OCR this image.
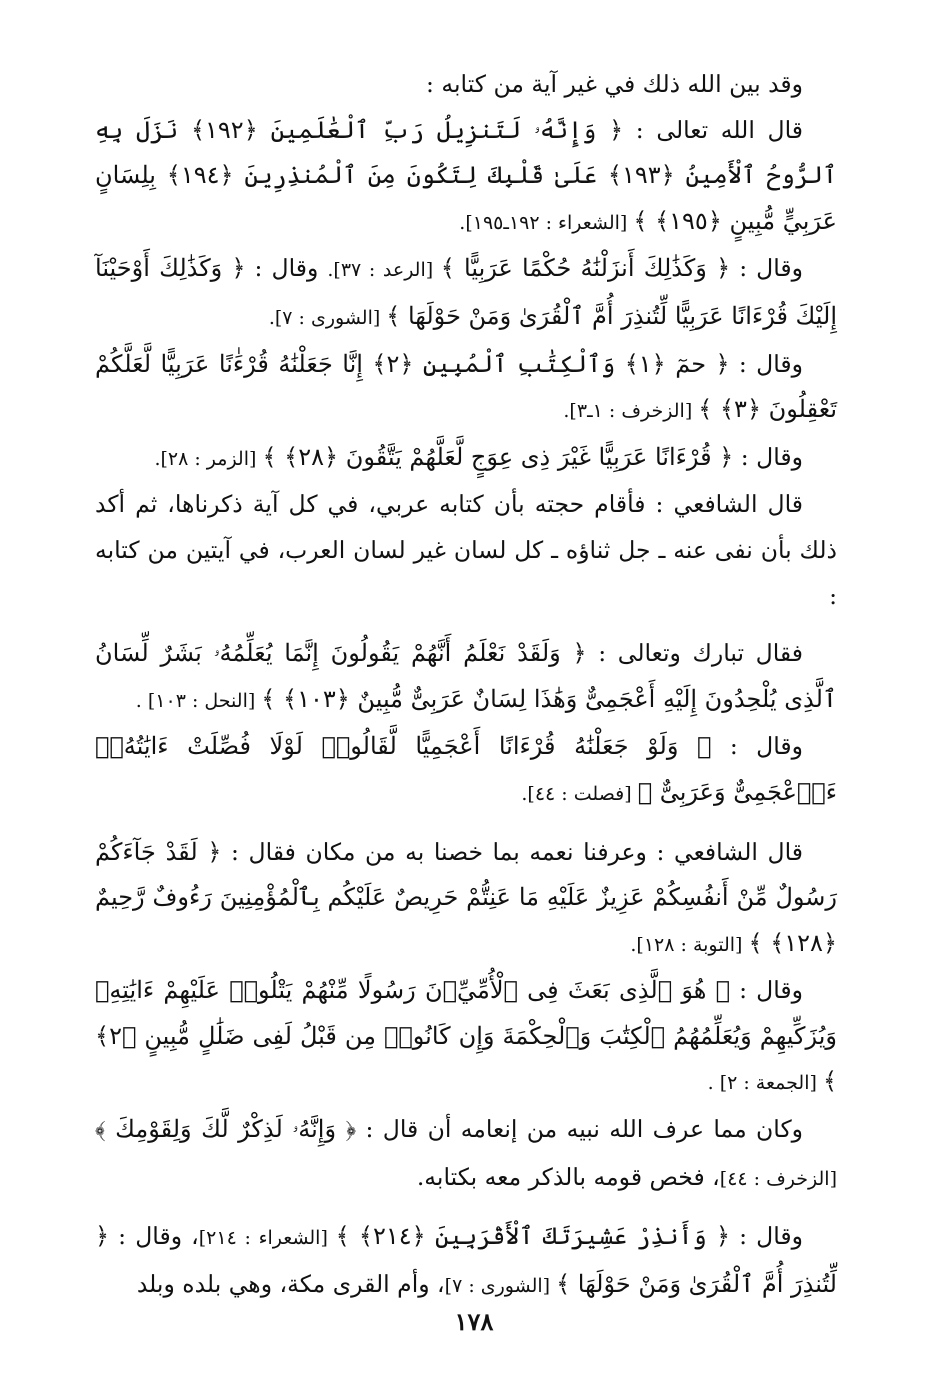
وقد بين الله ذلك في غير آية من كتابه :

قال الله تعالى : ﴿ وَإِنَّهُۥ لَتَنزِيلُ رَبِّ ٱلْعَٰلَمِينَ ﴿١٩٢﴾ نَزَلَ بِهِ ٱلرُّوحُ ٱلْأَمِينُ ﴿١٩٣﴾ عَلَىٰ قَلْبِكَ لِتَكُونَ مِنَ ٱلْمُنذِرِينَ ﴿١٩٤﴾ بِلِسَانٍ عَرَبِيٍّ مُّبِينٍ ﴿١٩٥﴾ ﴾ [الشعراء : ١٩٢ـ١٩٥].

وقال : ﴿ وَكَذَٰلِكَ أَنزَلْنَٰهُ حُكْمًا عَرَبِيًّا ﴾ [الرعد : ٣٧]. وقال : ﴿ وَكَذَٰلِكَ أَوْحَيْنَآ إِلَيْكَ قُرْءَانًا عَرَبِيًّا لِّتُنذِرَ أُمَّ ٱلْقُرَىٰ وَمَنْ حَوْلَهَا ﴾ [الشورى : ٧].

وقال : ﴿ حمٓ ﴿١﴾ وَٱلْكِتَٰبِ ٱلْمُبِينِ ﴿٢﴾ إِنَّا جَعَلْنَٰهُ قُرْءَٰنًا عَرَبِيًّا لَّعَلَّكُمْ تَعْقِلُونَ ﴿٣﴾ ﴾ [الزخرف : ١ـ٣].

وقال : ﴿ قُرْءَانًا عَرَبِيًّا غَيْرَ ذِى عِوَجٍ لَّعَلَّهُمْ يَتَّقُونَ ﴿٢٨﴾ ﴾ [الزمر : ٢٨].

قال الشافعي : فأقام حجته بأن كتابه عربي، في كل آية ذكرناها، ثم أكد ذلك بأن نفى عنه ـ جل ثناؤه ـ كل لسان غير لسان العرب، في آيتين من كتابه :

فقال تبارك وتعالى : ﴿ وَلَقَدْ نَعْلَمُ أَنَّهُمْ يَقُولُونَ إِنَّمَا يُعَلِّمُهُۥ بَشَرٌ لِّسَانُ ٱلَّذِى يُلْحِدُونَ إِلَيْهِ أَعْجَمِىٌّ وَهَٰذَا لِسَانٌ عَرَبِىٌّ مُّبِينٌ ﴿١٠٣﴾ ﴾ [النحل : ١٠٣] .

وقال : ﴿ وَلَوْ جَعَلْنَٰهُ قُرْءَانًا أَعْجَمِيًّا لَّقَالُوا۟ لَوْلَا فُصِّلَتْ ءَايَٰتُهُۥٓ ءَا۬عْجَمِىٌّ وَعَرَبِىٌّ ﴾ [فصلت : ٤٤].

قال الشافعي : وعرفنا نعمه بما خصنا به من مكان فقال : ﴿ لَقَدْ جَآءَكُمْ رَسُولٌ مِّنْ أَنفُسِكُمْ عَزِيزٌ عَلَيْهِ مَا عَنِتُّمْ حَرِيصٌ عَلَيْكُم بِٱلْمُؤْمِنِينَ رَءُوفٌ رَّحِيمٌ ﴿١٢٨﴾ ﴾ [التوبة : ١٢٨].

وقال : ﴿ هُوَ ٱلَّذِى بَعَثَ فِى ٱلْأُمِّيِّۦنَ رَسُولًا مِّنْهُمْ يَتْلُوا۟ عَلَيْهِمْ ءَايَٰتِهِۦ وَيُزَكِّيهِمْ وَيُعَلِّمُهُمُ ٱلْكِتَٰبَ وَٱلْحِكْمَةَ وَإِن كَانُوا۟ مِن قَبْلُ لَفِى ضَلَٰلٍ مُّبِينٍ ﴿٢﴾ ﴾ [الجمعة : ٢] .

وكان مما عرف الله نبيه من إنعامه أن قال : ﴿ وَإِنَّهُۥ لَذِكْرٌ لَّكَ وَلِقَوْمِكَ ﴾ [الزخرف : ٤٤]، فخص قومه بالذكر معه بكتابه.

وقال : ﴿ وَأَنذِرْ عَشِيرَتَكَ ٱلْأَقْرَبِينَ ﴿٢١٤﴾ ﴾ [الشعراء : ٢١٤]، وقال : ﴿ لِّتُنذِرَ أُمَّ ٱلْقُرَىٰ وَمَنْ حَوْلَهَا ﴾ [الشورى : ٧]، وأم القرى مكة، وهي بلده وبلد

١٧٨
